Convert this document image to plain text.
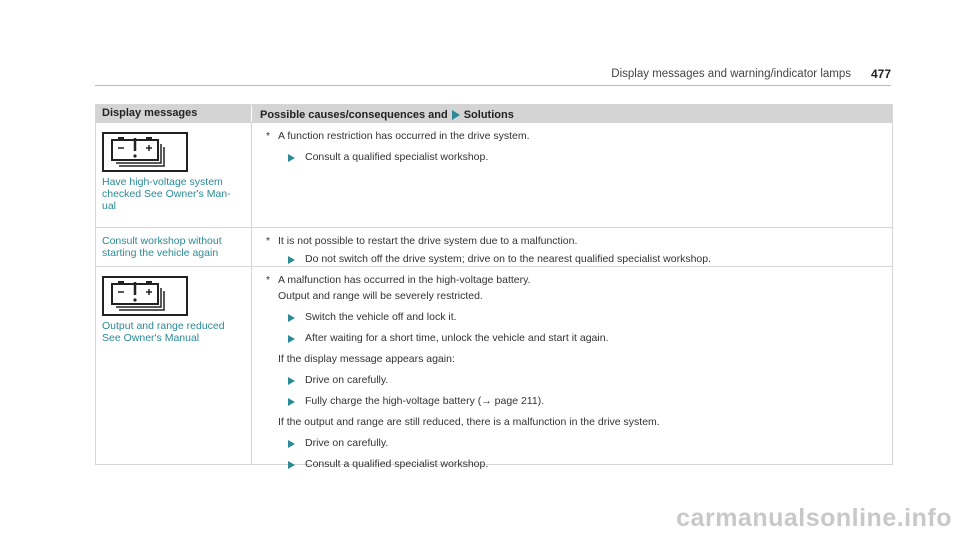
Display messages and warning/indicator lamps 477
Display messages	Possible causes/consequences and Solutions
Have high-voltage system
checked See Owner's Man-
ual
* A function restriction has occurred in the drive system.
Consult a qualified specialist workshop.
Consult workshop without
starting the vehicle again
* It is not possible to restart the drive system due to a malfunction.
Do not switch off the drive system; drive on to the nearest qualified specialist workshop.
Output and range reduced
See Owner's Manual
* A malfunction has occurred in the high-voltage battery.
Output and range will be severely restricted.
Switch the vehicle off and lock it.
After waiting for a short time, unlock the vehicle and start it again.
If the display message appears again:
Drive on carefully.
Fully charge the high-voltage battery (→ page 211).
If the output and range are still reduced, there is a malfunction in the drive system.
Drive on carefully.
Consult a qualified specialist workshop.
carmanualsonline.info
